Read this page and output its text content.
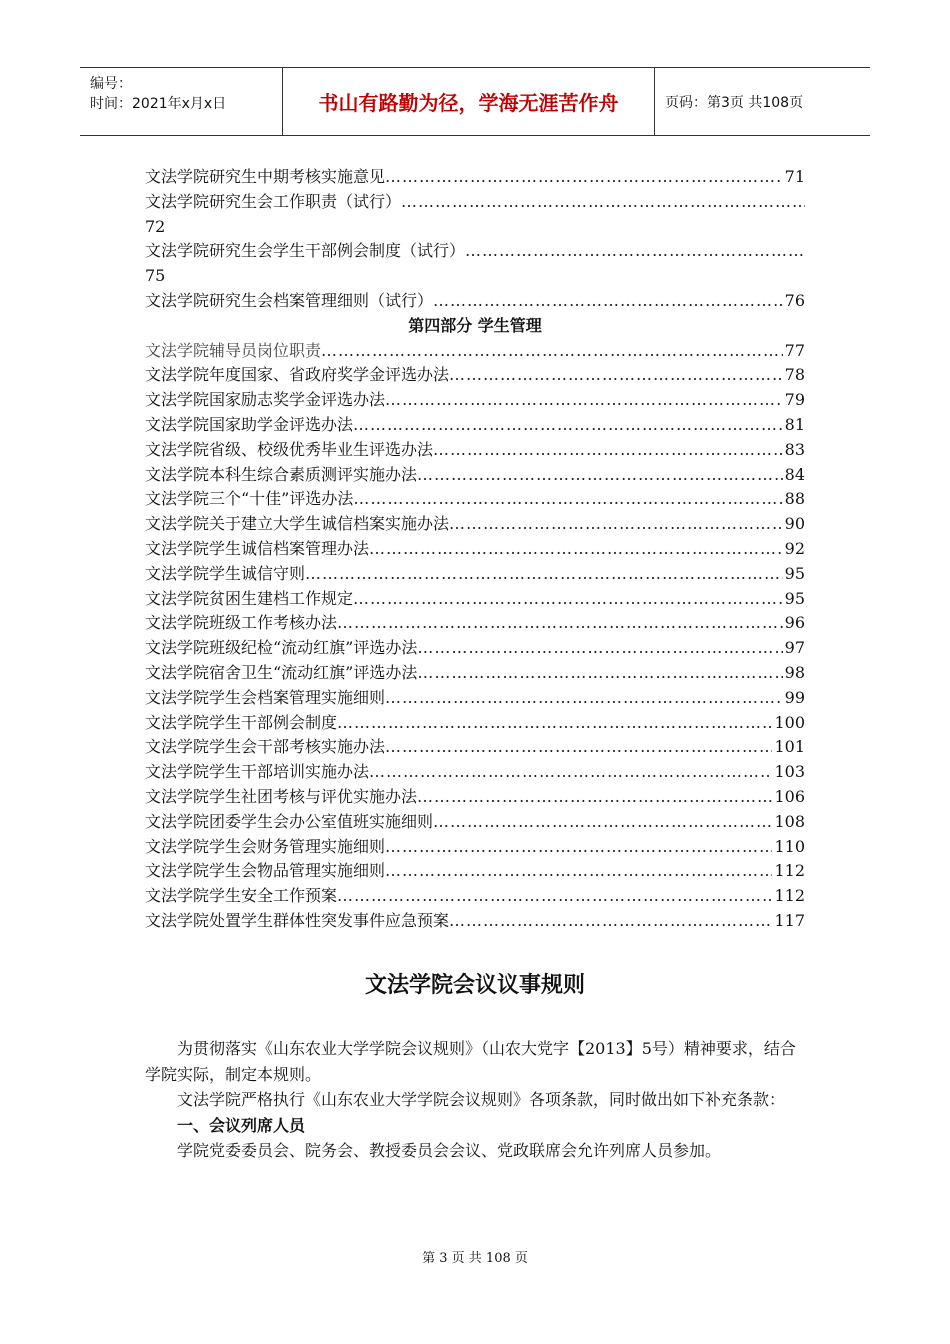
编号：
时间：2021年x月x日	书山有路勤为径，学海无涯苦作舟	页码：第3页 共108页
文法学院研究生中期考核实施意见 …………………………………………………………………………………………………………………………………………	71
文法学院研究生会工作职责（试行）
…………………………………………………………………………………………………………………………………………
72
文法学院研究生会学生干部例会制度（试行）
…………………………………………………………………………………………………………………………………………
75
文法学院研究生会档案管理细则（试行） …………………………………………………………………………………………………………………………………………	76
第四部分 学生管理
文法学院辅导员岗位职责 …………………………………………………………………………………………………………………………………………	77
文法学院年度国家、省政府奖学金评选办法 …………………………………………………………………………………………………………………………………………	78
文法学院国家励志奖学金评选办法 …………………………………………………………………………………………………………………………………………	79
文法学院国家助学金评选办法 …………………………………………………………………………………………………………………………………………	81
文法学院省级、校级优秀毕业生评选办法 …………………………………………………………………………………………………………………………………………	83
文法学院本科生综合素质测评实施办法 …………………………………………………………………………………………………………………………………………	84
文法学院三个“十佳”评选办法 …………………………………………………………………………………………………………………………………………	88
文法学院关于建立大学生诚信档案实施办法 …………………………………………………………………………………………………………………………………………	90
文法学院学生诚信档案管理办法 …………………………………………………………………………………………………………………………………………	92
文法学院学生诚信守则 …………………………………………………………………………………………………………………………………………	95
文法学院贫困生建档工作规定 …………………………………………………………………………………………………………………………………………	95
文法学院班级工作考核办法 …………………………………………………………………………………………………………………………………………	96
文法学院班级纪检“流动红旗”评选办法 …………………………………………………………………………………………………………………………………………	97
文法学院宿舍卫生“流动红旗”评选办法 …………………………………………………………………………………………………………………………………………	98
文法学院学生会档案管理实施细则 …………………………………………………………………………………………………………………………………………	99
文法学院学生干部例会制度 …………………………………………………………………………………………………………………………………………	100
文法学院学生会干部考核实施办法 …………………………………………………………………………………………………………………………………………	101
文法学院学生干部培训实施办法 …………………………………………………………………………………………………………………………………………	103
文法学院学生社团考核与评优实施办法 …………………………………………………………………………………………………………………………………………	106
文法学院团委学生会办公室值班实施细则 …………………………………………………………………………………………………………………………………………	108
文法学院学生会财务管理实施细则 …………………………………………………………………………………………………………………………………………	110
文法学院学生会物品管理实施细则 …………………………………………………………………………………………………………………………………………	112
文法学院学生安全工作预案 …………………………………………………………………………………………………………………………………………	112
文法学院处置学生群体性突发事件应急预案 …………………………………………………………………………………………………………………………………………	117
文法学院会议议事规则

为贯彻落实《山东农业大学学院会议规则》（山农大党字【2013】5号）精神要求，结合学院实际，制定本规则。

文法学院严格执行《山东农业大学学院会议规则》各项条款，同时做出如下补充条款：

一、会议列席人员

学院党委委员会、院务会、教授委员会会议、党政联席会允许列席人员参加。

第 3 页 共 108 页
